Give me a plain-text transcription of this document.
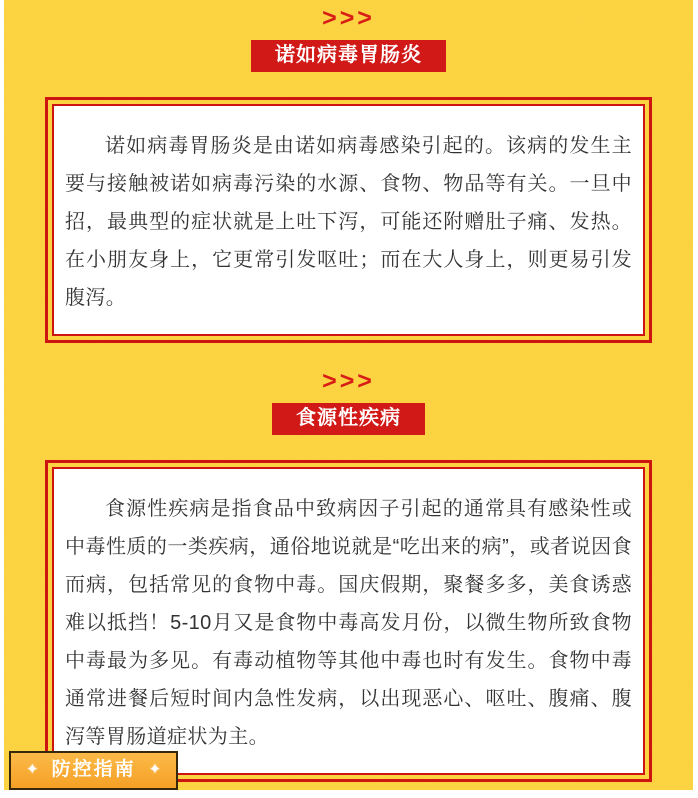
>>>
诺如病毒胃肠炎

诺如病毒胃肠炎是由诺如病毒感染引起的。该病的发生主要与接触被诺如病毒污染的水源、食物、物品等有关。一旦中招，最典型的症状就是上吐下泻，可能还附赠肚子痛、发热。在小朋友身上，它更常引发呕吐；而在大人身上，则更易引发腹泻。

>>>
食源性疾病

食源性疾病是指食品中致病因子引起的通常具有感染性或中毒性质的一类疾病，通俗地说就是“吃出来的病”，或者说因食而病，包括常见的食物中毒。国庆假期，聚餐多多，美食诱惑难以抵挡！5-10月又是食物中毒高发月份，以微生物所致食物中毒最为多见。有毒动植物等其他中毒也时有发生。食物中毒通常进餐后短时间内急性发病，以出现恶心、呕吐、腹痛、腹泻等胃肠道症状为主。

✦ 防控指南 ✦
